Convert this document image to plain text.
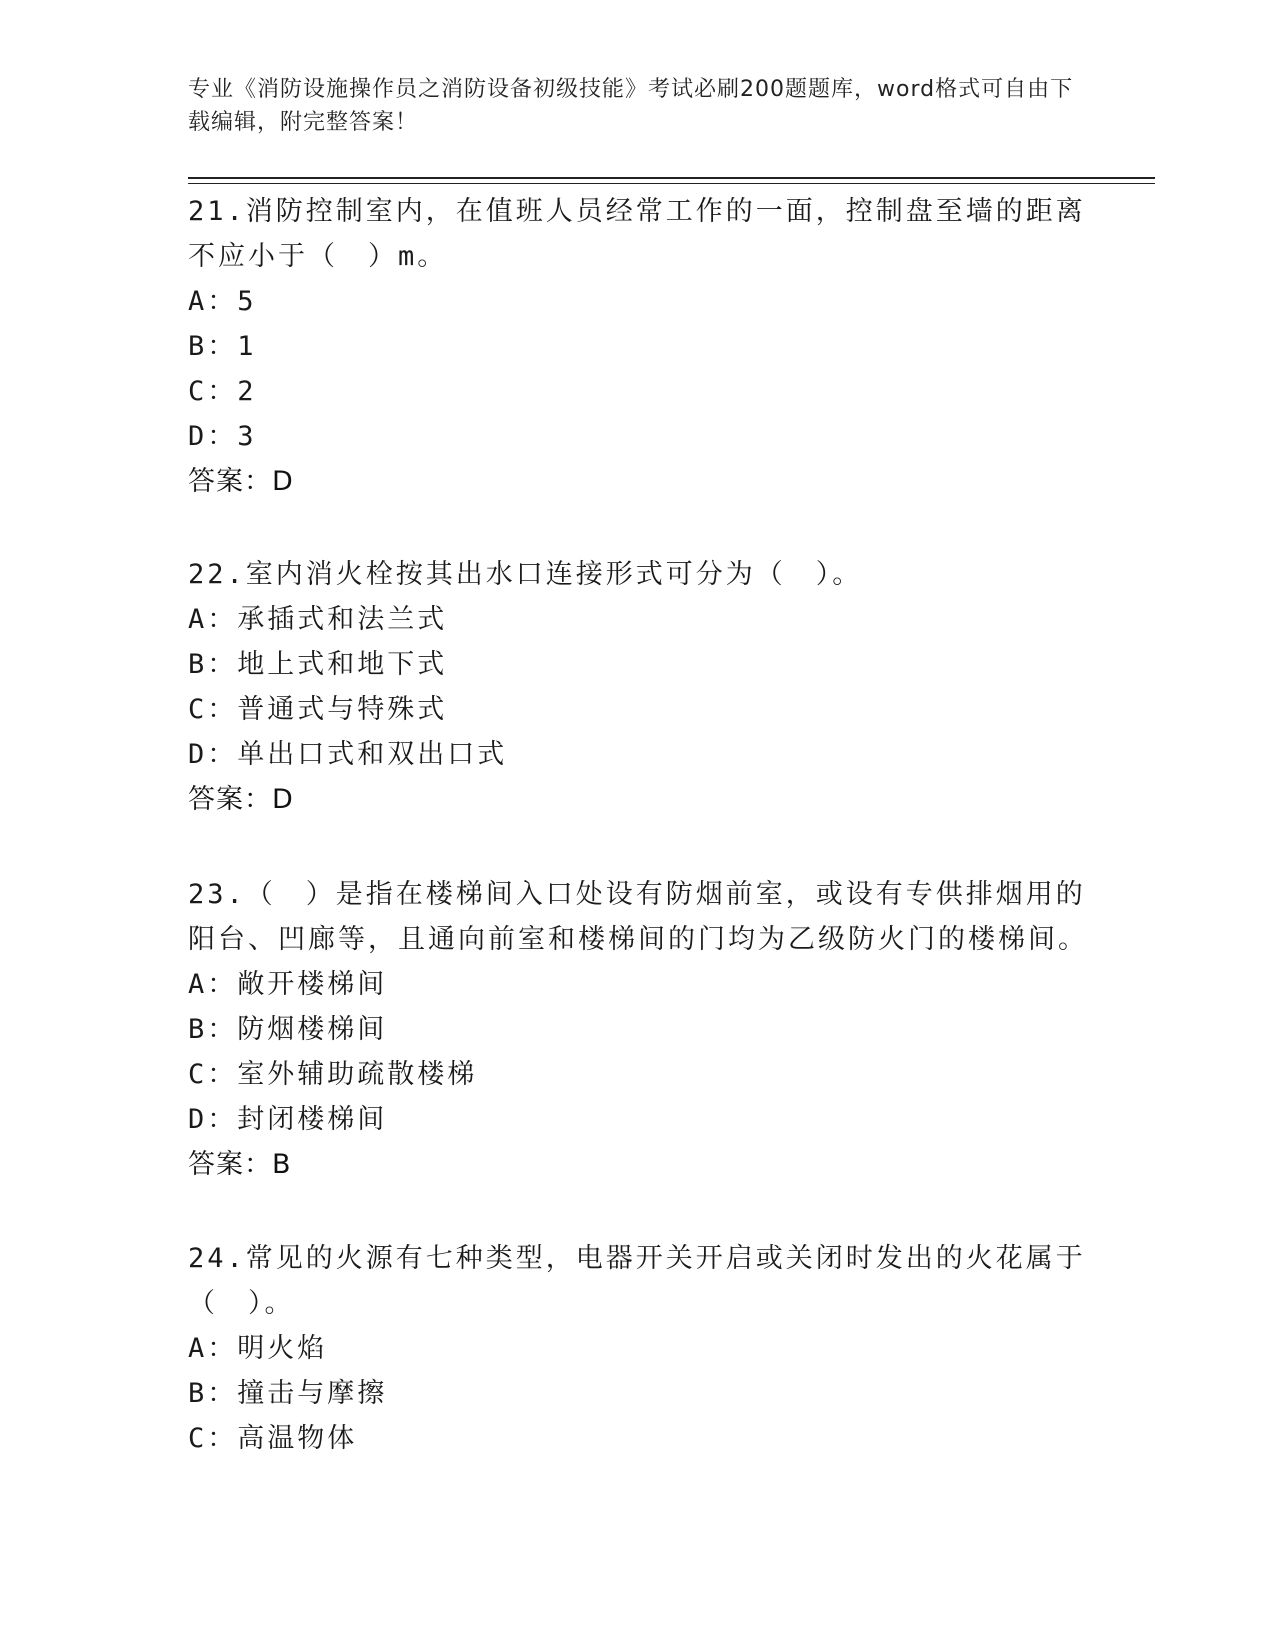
专业《消防设施操作员之消防设备初级技能》考试必刷200题题库，word格式可自由下载编辑，附完整答案！

21.消防控制室内，在值班人员经常工作的一面，控制盘至墙的距离不应小于（　）m。

A：5
B：1
C：2
D：3
答案：D

22.室内消火栓按其出水口连接形式可分为（　）。

A：承插式和法兰式
B：地上式和地下式
C：普通式与特殊式
D：单出口式和双出口式
答案：D

23.（　）是指在楼梯间入口处设有防烟前室，或设有专供排烟用的阳台、凹廊等，且通向前室和楼梯间的门均为乙级防火门的楼梯间。

A：敞开楼梯间
B：防烟楼梯间
C：室外辅助疏散楼梯
D：封闭楼梯间
答案：B

24.常见的火源有七种类型，电器开关开启或关闭时发出的火花属于（　）。

A：明火焰
B：撞击与摩擦
C：高温物体
